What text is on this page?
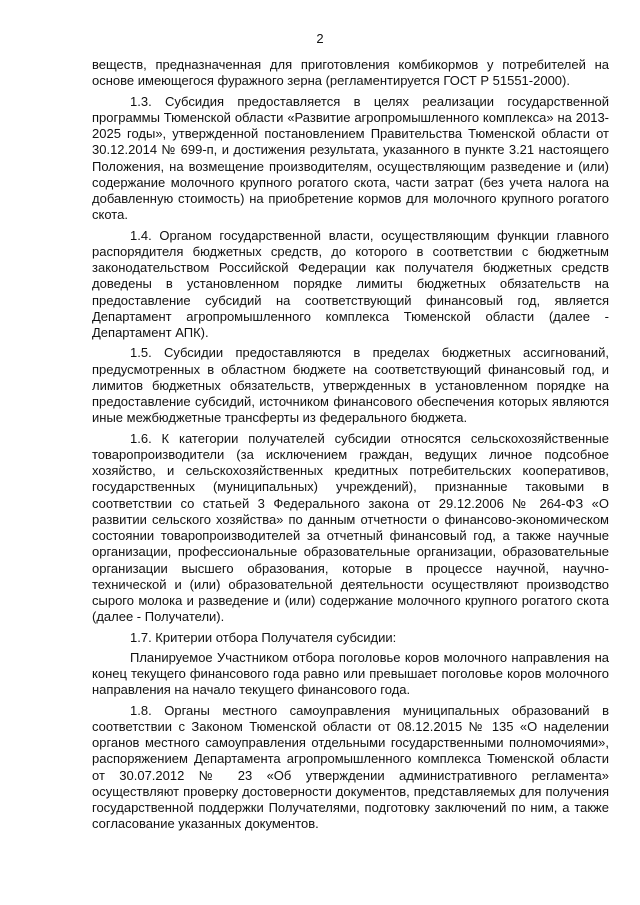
2

веществ, предназначенная для приготовления комбикормов у потребителей на основе имеющегося фуражного зерна (регламентируется ГОСТ Р 51551-2000).

1.3. Субсидия предоставляется в целях реализации государственной программы Тюменской области «Развитие агропромышленного комплекса» на 2013-2025 годы», утвержденной постановлением Правительства Тюменской области от 30.12.2014 № 699-п, и достижения результата, указанного в пункте 3.21 настоящего Положения, на возмещение производителям, осуществляющим разведение и (или) содержание молочного крупного рогатого скота, части затрат (без учета налога на добавленную стоимость) на приобретение кормов для молочного крупного рогатого скота.

1.4. Органом государственной власти, осуществляющим функции главного распорядителя бюджетных средств, до которого в соответствии с бюджетным законодательством Российской Федерации как получателя бюджетных средств доведены в установленном порядке лимиты бюджетных обязательств на предоставление субсидий на соответствующий финансовый год, является Департамент агропромышленного комплекса Тюменской области (далее - Департамент АПК).

1.5. Субсидии предоставляются в пределах бюджетных ассигнований, предусмотренных в областном бюджете на соответствующий финансовый год, и лимитов бюджетных обязательств, утвержденных в установленном порядке на предоставление субсидий, источником финансового обеспечения которых являются иные межбюджетные трансферты из федерального бюджета.

1.6. К категории получателей субсидии относятся сельскохозяйственные товаропроизводители (за исключением граждан, ведущих личное подсобное хозяйство, и сельскохозяйственных кредитных потребительских кооперативов, государственных (муниципальных) учреждений), признанные таковыми в соответствии со статьей 3 Федерального закона от 29.12.2006 № 264-ФЗ «О развитии сельского хозяйства» по данным отчетности о финансово-экономическом состоянии товаропроизводителей за отчетный финансовый год, а также научные организации, профессиональные образовательные организации, образовательные организации высшего образования, которые в процессе научной, научно-технической и (или) образовательной деятельности осуществляют производство сырого молока и разведение и (или) содержание молочного крупного рогатого скота (далее - Получатели).

1.7. Критерии отбора Получателя субсидии:

Планируемое Участником отбора поголовье коров молочного направления на конец текущего финансового года равно или превышает поголовье коров молочного направления на начало текущего финансового года.

1.8. Органы местного самоуправления муниципальных образований в соответствии с Законом Тюменской области от 08.12.2015 № 135 «О наделении органов местного самоуправления отдельными государственными полномочиями», распоряжением Департамента агропромышленного комплекса Тюменской области от 30.07.2012 № 23 «Об утверждении административного регламента» осуществляют проверку достоверности документов, представляемых для получения государственной поддержки Получателями, подготовку заключений по ним, а также согласование указанных документов.
